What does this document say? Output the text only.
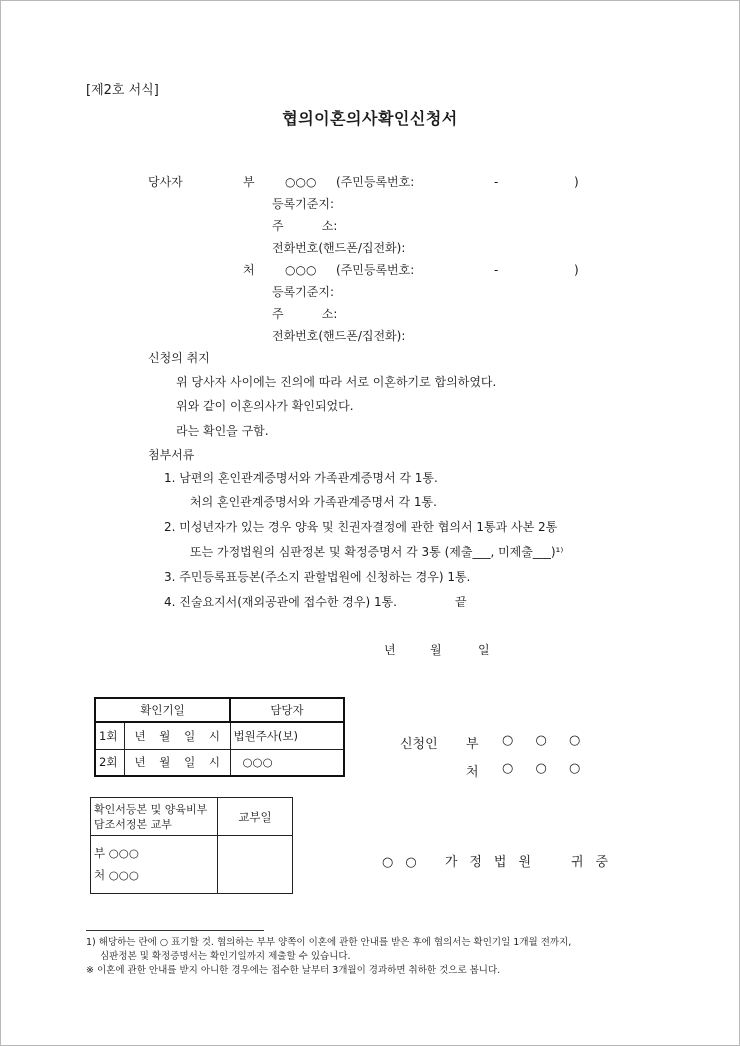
[제2호 서식]
협의이혼의사확인신청서
당사자	부	○○○ (주민등록번호:	-	)
등록기준지:
주          소:
전화번호(핸드폰/집전화):
처	○○○ (주민등록번호:	-	)
등록기준지:
주          소:
전화번호(핸드폰/집전화):
신청의 취지
위 당사자 사이에는 진의에 따라 서로 이혼하기로 합의하였다.
위와 같이 이혼의사가 확인되었다.
라는 확인을 구함.
첨부서류
1. 남편의 혼인관계증명서와 가족관계증명서 각 1통.
처의 혼인관계증명서와 가족관계증명서 각 1통.
2. 미성년자가 있는 경우 양육 및 친권자결정에 관한 협의서 1통과 사본 2통
또는 가정법원의 심판정본 및 확정증명서 각 3통 (제출___, 미제출___)¹⁾
3. 주민등록표등본(주소지 관할법원에 신청하는 경우) 1통.
4. 진술요지서(재외공관에 접수한 경우) 1통.	끝
년	월	일
확인기일		담당자
1회	년 월 일 시	법원주사(보)
2회	년 월 일 시	○○○
신청인 부 ○ ○ ○
처 ○ ○ ○
확인서등본 및 양육비부담조서정본 교부	교부일

부 ○○○
처 ○○○	

○○ 가정법원 귀중
1) 해당하는 란에 ○ 표기할 것. 협의하는 부부 양쪽이 이혼에 관한 안내를 받은 후에 협의서는 확인기일 1개월 전까지,
심판정본 및 확정증명서는 확인기일까지 제출할 수 있습니다.
※ 이혼에 관한 안내를 받지 아니한 경우에는 접수한 날부터 3개월이 경과하면 취하한 것으로 봅니다.
